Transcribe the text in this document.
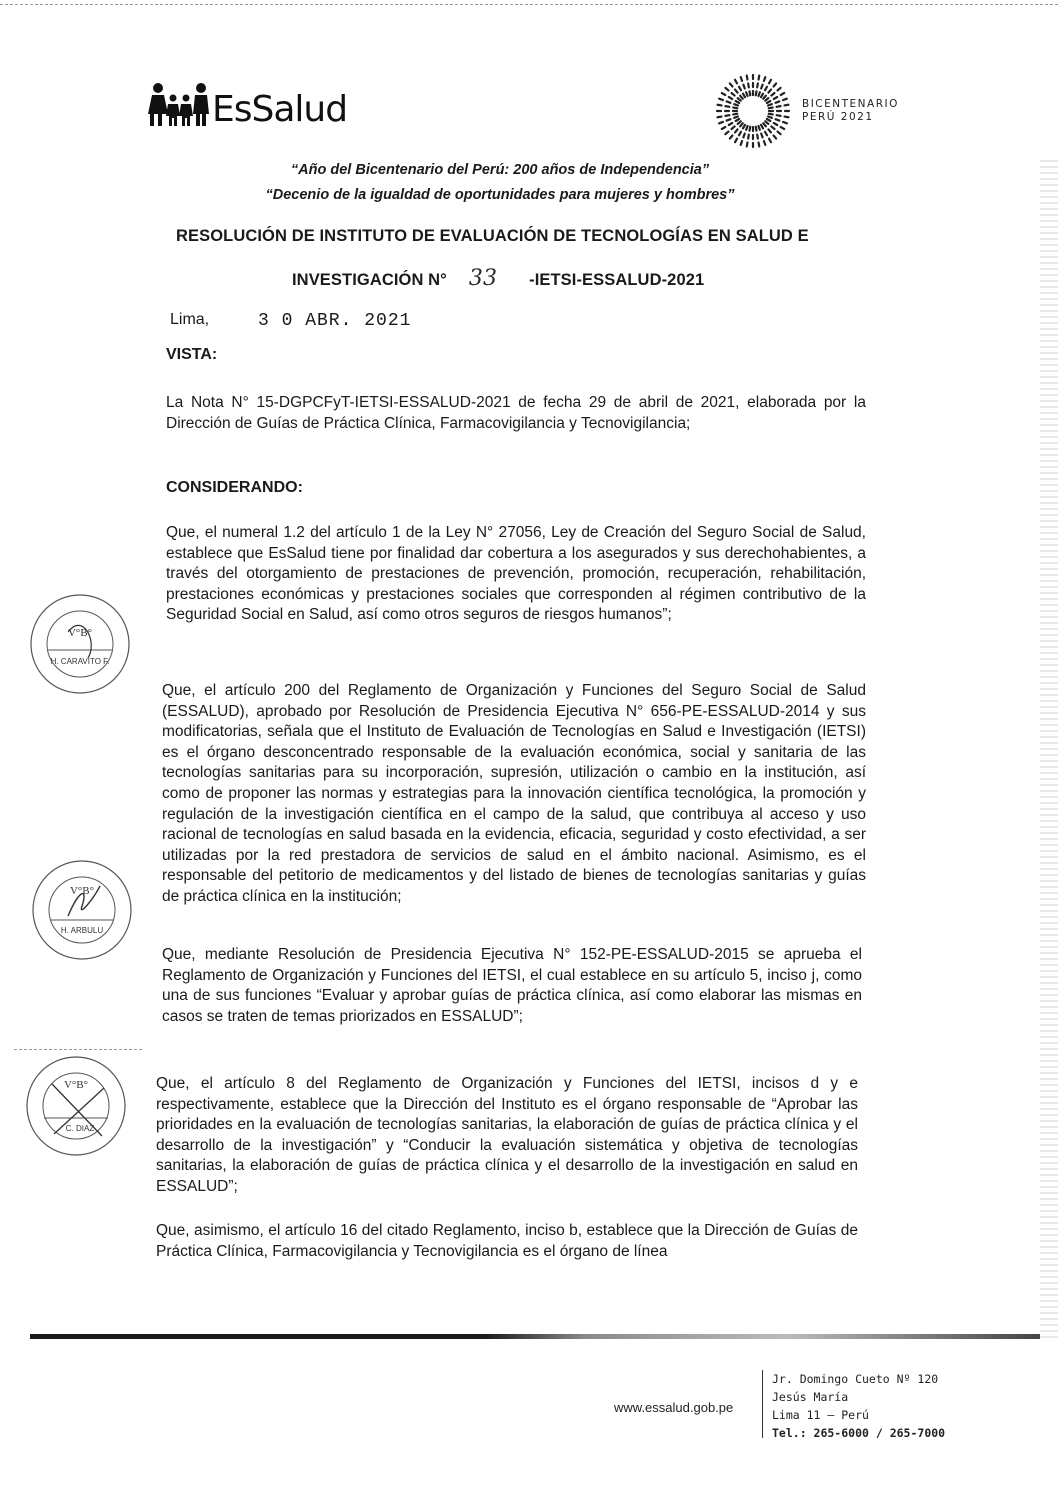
EsSalud	BICENTENARIO
PERÚ 2021
“Año del Bicentenario del Perú: 200 años de Independencia”
“Decenio de la igualdad de oportunidades para mujeres y hombres”
RESOLUCIÓN DE INSTITUTO DE EVALUACIÓN DE TECNOLOGÍAS EN SALUD E
INVESTIGACIÓN N° 33 -IETSI-ESSALUD-2021
Lima,	3 0 ABR. 2021
VISTA:
La Nota N° 15-DGPCFyT-IETSI-ESSALUD-2021 de fecha 29 de abril de 2021, elaborada por la Dirección de Guías de Práctica Clínica, Farmacovigilancia y Tecnovigilancia;
CONSIDERANDO:
Que, el numeral 1.2 del artículo 1 de la Ley N° 27056, Ley de Creación del Seguro Social de Salud, establece que EsSalud tiene por finalidad dar cobertura a los asegurados y sus derechohabientes, a través del otorgamiento de prestaciones de prevención, promoción, recuperación, rehabilitación, prestaciones económicas y prestaciones sociales que corresponden al régimen contributivo de la Seguridad Social en Salud, así como otros seguros de riesgos humanos”;
Que, el artículo 200 del Reglamento de Organización y Funciones del Seguro Social de Salud (ESSALUD), aprobado por Resolución de Presidencia Ejecutiva N° 656-PE-ESSALUD-2014 y sus modificatorias, señala que el Instituto de Evaluación de Tecnologías en Salud e Investigación (IETSI) es el órgano desconcentrado responsable de la evaluación económica, social y sanitaria de las tecnologías sanitarias para su incorporación, supresión, utilización o cambio en la institución, así como de proponer las normas y estrategias para la innovación científica tecnológica, la promoción y regulación de la investigación científica en el campo de la salud, que contribuya al acceso y uso racional de tecnologías en salud basada en la evidencia, eficacia, seguridad y costo efectividad, a ser utilizadas por la red prestadora de servicios de salud en el ámbito nacional. Asimismo, es el responsable del petitorio de medicamentos y del listado de bienes de tecnologías sanitarias y guías de práctica clínica en la institución;
Que, mediante Resolución de Presidencia Ejecutiva N° 152-PE-ESSALUD-2015 se aprueba el Reglamento de Organización y Funciones del IETSI, el cual establece en su artículo 5, inciso j, como una de sus funciones “Evaluar y aprobar guías de práctica clínica, así como elaborar las mismas en casos se traten de temas priorizados en ESSALUD”;
Que, el artículo 8 del Reglamento de Organización y Funciones del IETSI, incisos d y e respectivamente, establece que la Dirección del Instituto es el órgano responsable de “Aprobar las prioridades en la evaluación de tecnologías sanitarias, la elaboración de guías de práctica clínica y el desarrollo de la investigación” y “Conducir la evaluación sistemática y objetiva de tecnologías sanitarias, la elaboración de guías de práctica clínica y el desarrollo de la investigación en salud en ESSALUD”;
Que, asimismo, el artículo 16 del citado Reglamento, inciso b, establece que la Dirección de Guías de Práctica Clínica, Farmacovigilancia y Tecnovigilancia es el órgano de línea
V°B°
H. CARAVITO F.
V°B°
H. ARBULU
V°B°
C. DIAZ
www.essalud.gob.pe
Jr. Domingo Cueto Nº 120
Jesús María
Lima 11 – Perú
Tel.: 265-6000 / 265-7000
